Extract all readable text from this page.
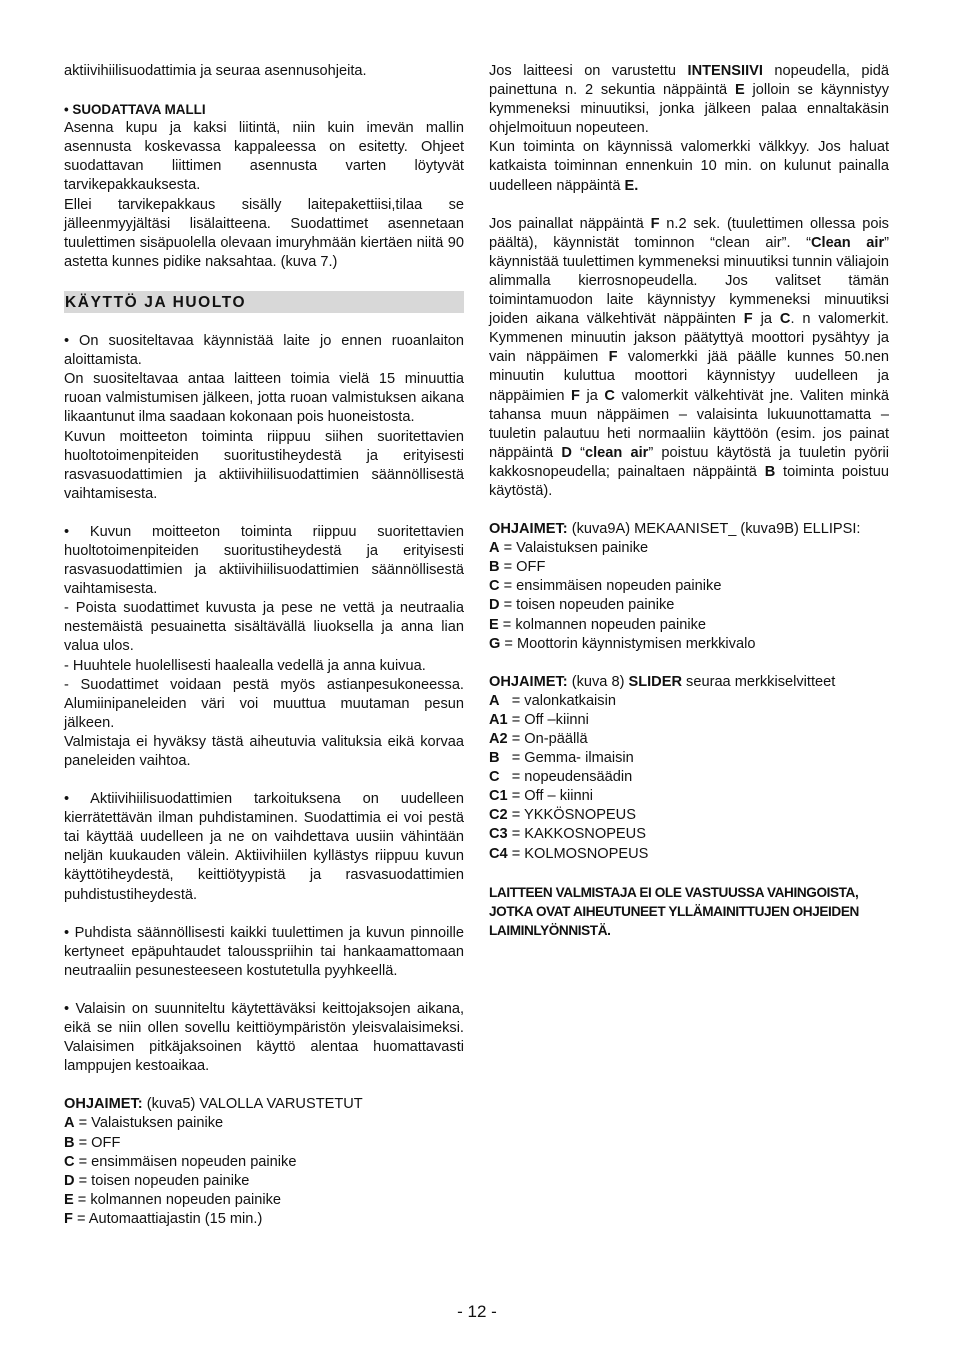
aktiivihiilisuodattimia ja seuraa asennusohjeita.

• SUODATTAVA MALLI

Asenna kupu ja kaksi liitintä, niin kuin imevän mallin asennusta koskevassa kappaleessa on esitetty. Ohjeet suodattavan liittimen asennusta varten löytyvät tarvikepakkauksesta.

Ellei tarvikepakkaus sisälly laitepakettiisi,tilaa se jälleenmyyjältäsi lisälaitteena. Suodattimet asennetaan tuulettimen sisäpuolella olevaan imuryhmään kiertäen niitä 90 astetta kunnes pidike naksahtaa. (kuva 7.)

KÄYTTÖ JA HUOLTO

• On suositeltavaa käynnistää laite jo ennen ruoanlaiton aloittamista.

On suositeltavaa antaa laitteen toimia vielä 15 minuuttia ruoan valmistumisen jälkeen, jotta ruoan valmistuksen aikana likaantunut ilma saadaan kokonaan pois huoneistosta.

Kuvun moitteeton toiminta riippuu siihen suoritettavien huoltotoimenpiteiden suoritustiheydestä ja erityisesti rasvasuodattimien ja aktiivihiilisuodattimien säännöllisestä vaihtamisesta.

• Kuvun moitteeton toiminta riippuu suoritettavien huoltotoimenpiteiden suoritustiheydestä ja erityisesti rasvasuodattimien ja aktiivihiilisuodattimien säännöllisestä vaihtamisesta.

- Poista suodattimet kuvusta ja pese ne vettä ja neutraalia nestemäistä pesuainetta sisältävällä liuoksella ja anna lian valua ulos.

- Huuhtele huolellisesti haalealla vedellä ja anna kuivua.

- Suodattimet voidaan pestä myös astianpesukoneessa. Alumiinipaneleiden väri voi muuttua muutaman pesun jälkeen.

Valmistaja ei hyväksy tästä aiheutuvia valituksia eikä korvaa paneleiden vaihtoa.

• Aktiivihiilisuodattimien tarkoituksena on uudelleen kierrätettävän ilman puhdistaminen. Suodattimia ei voi pestä tai käyttää uudelleen ja ne on vaihdettava uusiin vähintään neljän kuukauden välein. Aktiivihiilen kyllästys riippuu kuvun käyttötiheydestä, keittiötyypistä ja rasvasuodattimien puhdistustiheydestä.

• Puhdista säännöllisesti kaikki tuulettimen ja kuvun pinnoille kertyneet epäpuhtaudet talousspriihin tai hankaamattomaan neutraaliin pesunesteeseen kostutetulla pyyhkeellä.

• Valaisin on suunniteltu käytettäväksi keittojaksojen aikana, eikä se niin ollen sovellu keittiöympäristön yleisvalaisimeksi. Valaisimen pitkäjaksoinen käyttö alentaa huomattavasti lamppujen kestoaikaa.

OHJAIMET: (kuva5) VALOLLA VARUSTETUT

A = Valaistuksen painike

B = OFF

C = ensimmäisen nopeuden painike

D = toisen nopeuden painike

E = kolmannen nopeuden painike

F = Automaattiajastin (15 min.)

Jos laitteesi on varustettu INTENSIIVI nopeudella, pidä painettuna n. 2 sekuntia näppäintä E jolloin se käynnistyy kymmeneksi minuutiksi, jonka jälkeen palaa ennaltakäsin ohjelmoituun nopeuteen.

Kun toiminta on käynnissä valomerkki välkkyy. Jos haluat katkaista toiminnan ennenkuin 10 min. on kulunut painalla uudelleen näppäintä E.

Jos painallat näppäintä F n.2 sek. (tuulettimen ollessa pois päältä), käynnistät tominnon “clean air”. “Clean air” käynnistää tuulettimen kymmeneksi minuutiksi tunnin väliajoin alimmalla kierrosnopeudella. Jos valitset tämän toimintamuodon laite käynnistyy kymmeneksi minuutiksi joiden aikana välkehtivät näppäinten F ja C. n valomerkit. Kymmenen minuutin jakson päätyttyä moottori pysähtyy ja vain näppäimen F valomerkki jää päälle kunnes 50.nen minuutin kuluttua moottori käynnistyy uudelleen ja näppäimien F ja C valomerkit välkehtivät jne. Valiten minkä tahansa muun näppäimen – valaisinta lukuunottamatta – tuuletin palautuu heti normaaliin käyttöön (esim. jos painat näppäintä D “clean air” poistuu käytöstä ja tuuletin pyörii kakkosnopeudella; painaltaen näppäintä B toiminta poistuu käytöstä).

OHJAIMET: (kuva9A) MEKAANISET_ (kuva9B) ELLIPSI:

A = Valaistuksen painike

B = OFF

C = ensimmäisen nopeuden painike

D = toisen nopeuden painike

E = kolmannen nopeuden painike

G = Moottorin käynnistymisen merkkivalo

OHJAIMET: (kuva 8) SLIDER seuraa merkkiselvitteet

A   = valonkatkaisin

A1 = Off –kiinni

A2 = On-päällä

B   = Gemma- ilmaisin

C   = nopeudensäädin

C1 = Off – kiinni

C2 = YKKÖSNOPEUS

C3 = KAKKOSNOPEUS

C4 = KOLMOSNOPEUS

LAITTEEN VALMISTAJA EI OLE VASTUUSSA VAHINGOISTA, JOTKA OVAT AIHEUTUNEET YLLÄMAINITTUJEN OHJEIDEN LAIMINLYÖNNISTÄ.

- 12 -
